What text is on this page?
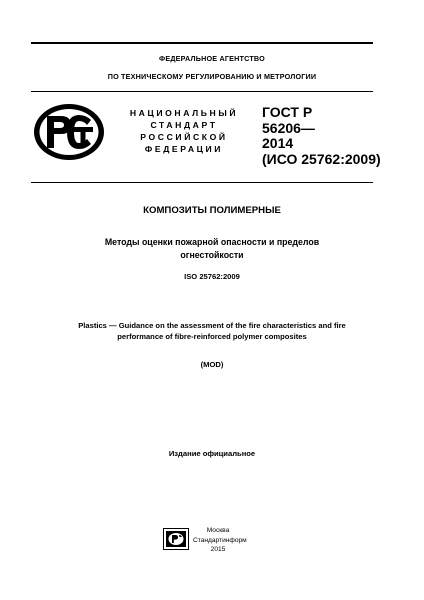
ФЕДЕРАЛЬНОЕ АГЕНТСТВО
ПО ТЕХНИЧЕСКОМУ РЕГУЛИРОВАНИЮ И МЕТРОЛОГИИ
НАЦИОНАЛЬНЫЙ
СТАНДАРТ
РОССИЙСКОЙ
ФЕДЕРАЦИИ
ГОСТ Р
56206—
2014
(ИСО 25762:2009)
КОМПОЗИТЫ ПОЛИМЕРНЫЕ
Методы оценки пожарной опасности и пределов
огнестойкости
ISO 25762:2009
Plastics — Guidance on the assessment of the fire characteristics and fire
performance of fibre-reinforced polymer composites
(MOD)
Издание официальное
Москва
Стандартинформ
2015
